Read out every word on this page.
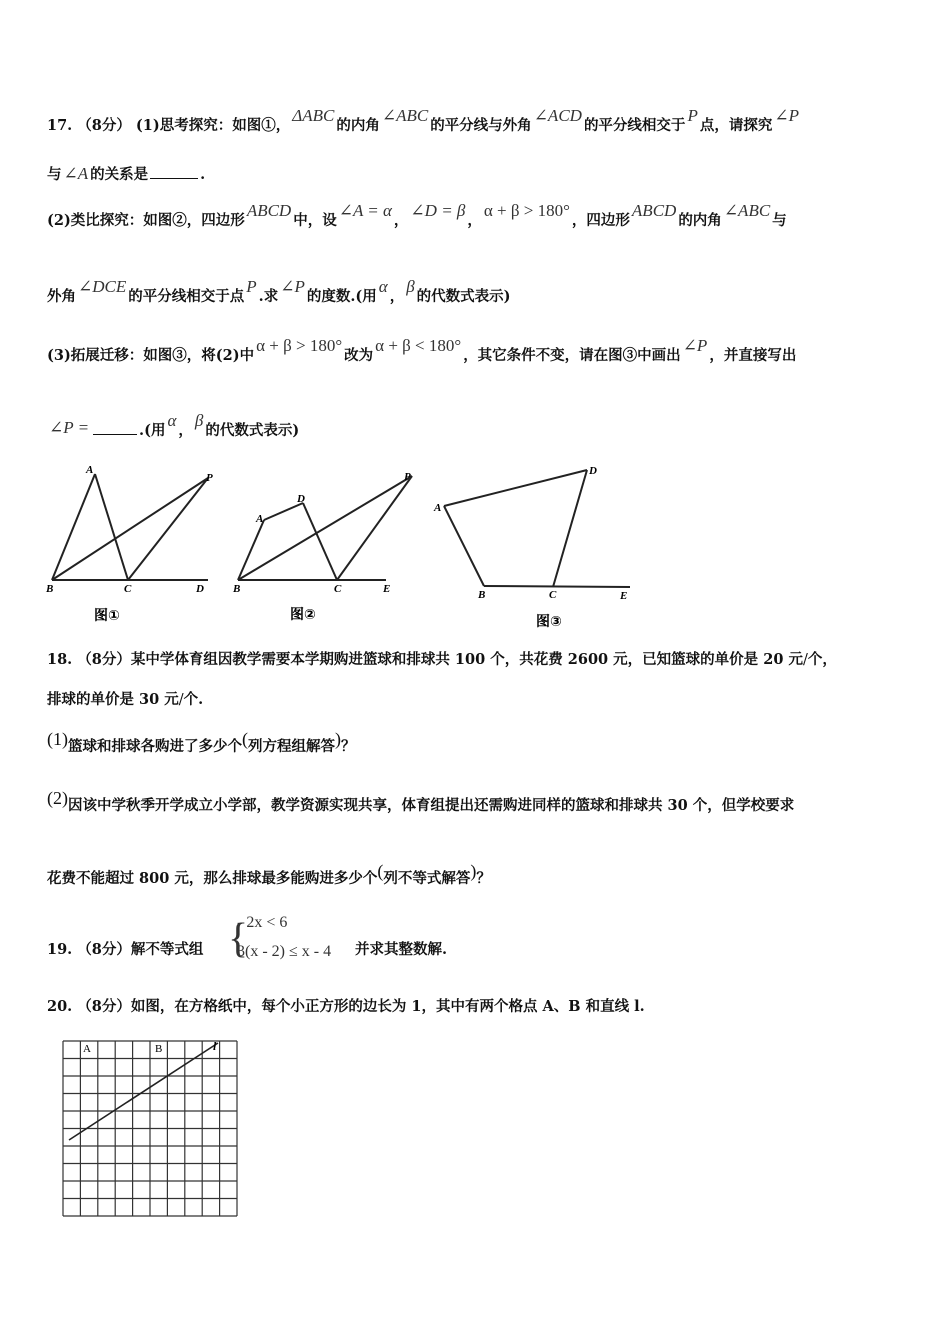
17. （8分） (1)思考探究：如图①，ΔABC的内角∠ABC的平分线与外角∠ACD的平分线相交于P点，请探究∠P
与 ∠A 的关系是	.
(2)类比探究：如图②，四边形ABCD中，设∠A = α，∠D = β，α + β > 180°，四边形ABCD的内角∠ABC与
外角∠DCE的平分线相交于点P.求∠P的度数.(用α，β的代数式表示)
(3)拓展迁移：如图③，将(2)中α + β > 180°改为α + β < 180°，其它条件不变，请在图③中画出∠P，并直接写出
∠P =	.(用α，β的代数式表示)
A
B	C	D
P
图①
A
D
B	C	E
P
图②
A
D
B	C	E
图③
18. （8分）某中学体育组因教学需要本学期购进篮球和排球共 100 个，共花费 2600 元，已知篮球的单价是 20 元/个，
排球的单价是 30 元/个.
(1)篮球和排球各购进了多少个(列方程组解答)？
(2)因该中学秋季开学成立小学部，教学资源实现共享，体育组提出还需购进同样的篮球和排球共 30 个，但学校要求
花费不能超过 800 元，那么排球最多能购进多少个(列不等式解答)？
19. （8分）解不等式组 {
- 2x < 6
3(x - 2) ≤ x - 4 并求其整数解.
20. （8分）如图，在方格纸中，每个小正方形的边长为 1，其中有两个格点 A、B 和直线 l.
A	B	l
